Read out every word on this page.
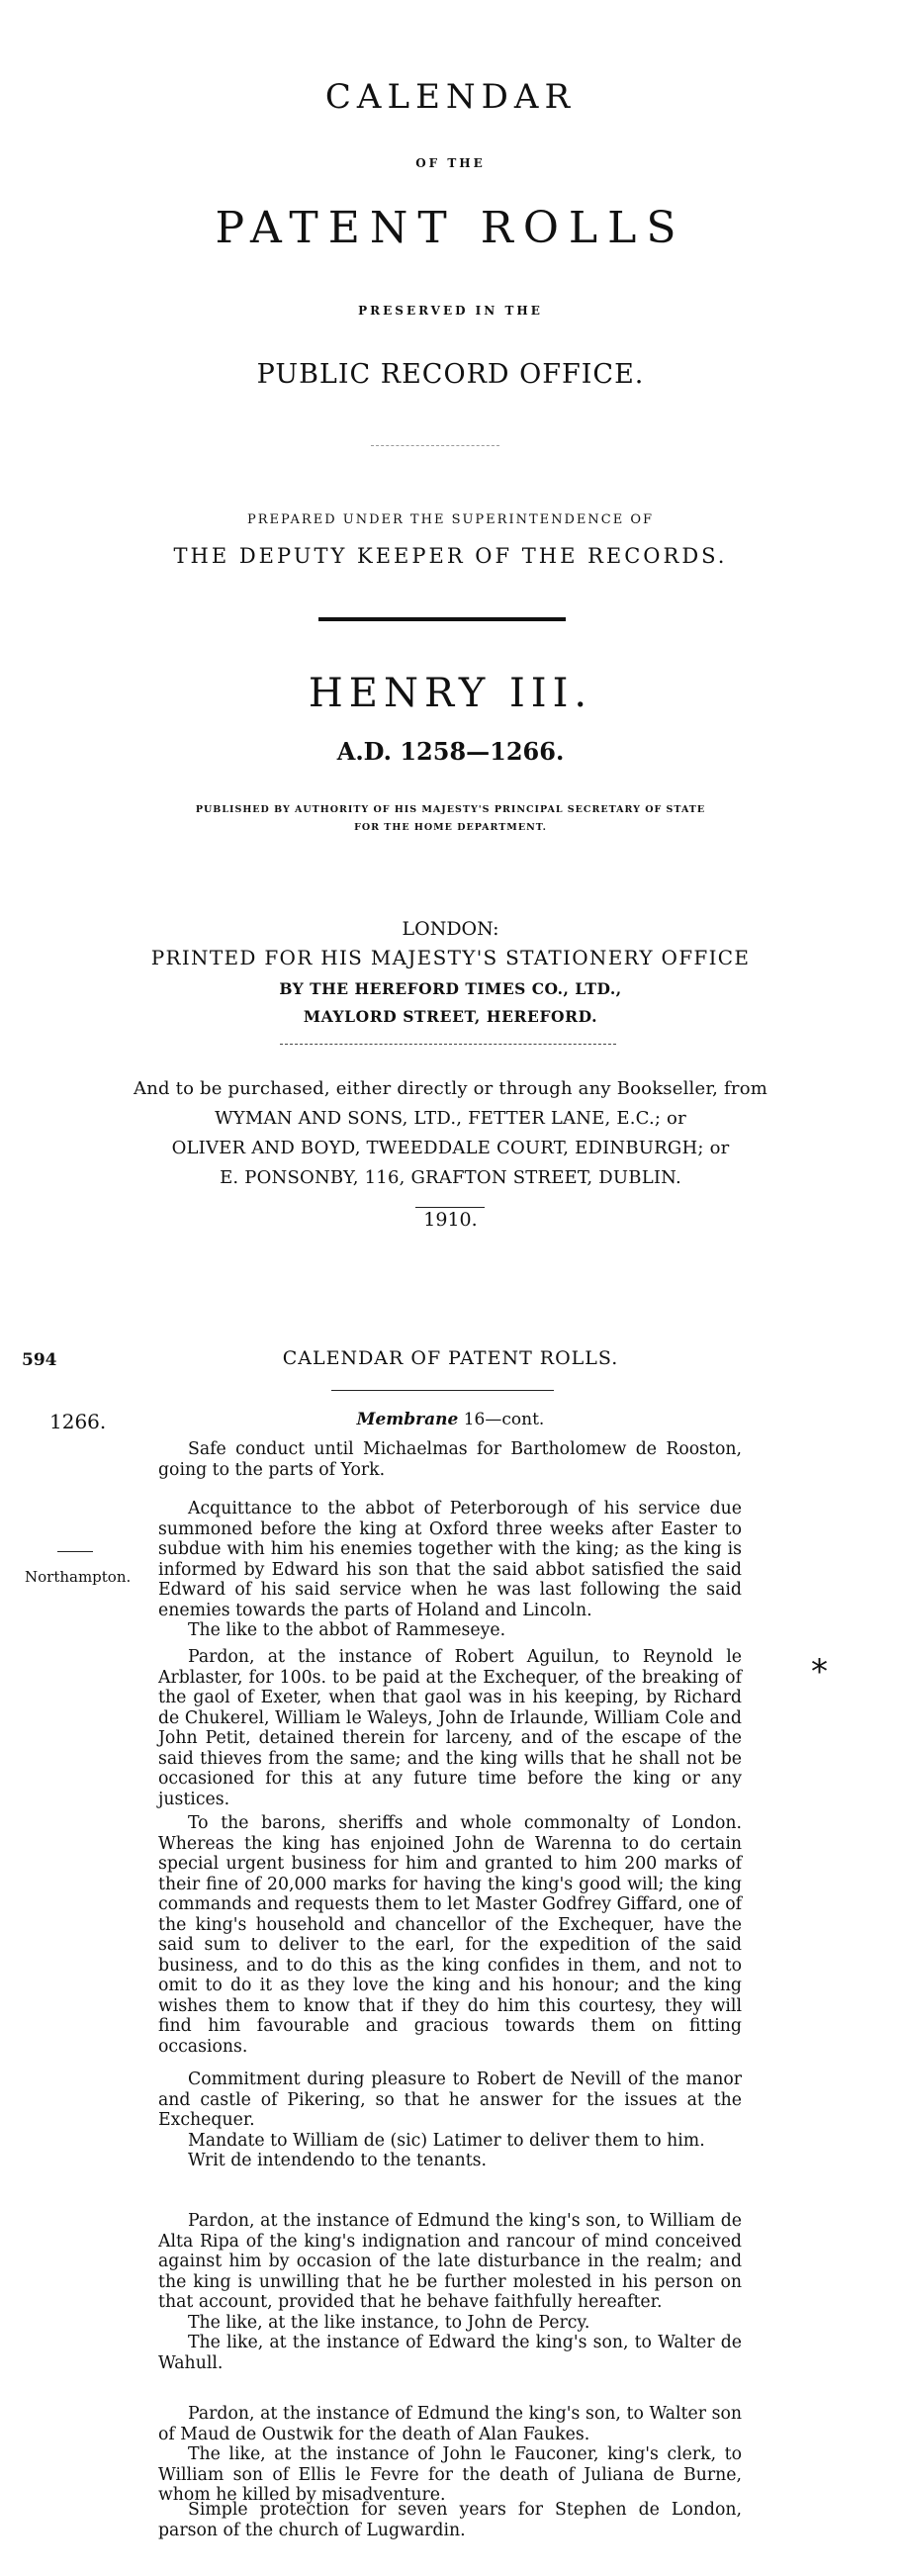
CALENDAR
OF THE
PATENT ROLLS
PRESERVED IN THE
PUBLIC RECORD OFFICE.
PREPARED UNDER THE SUPERINTENDENCE OF
THE DEPUTY KEEPER OF THE RECORDS.
HENRY III.
A.D. 1258—1266.
PUBLISHED BY AUTHORITY OF HIS MAJESTY'S PRINCIPAL SECRETARY OF STATE
FOR THE HOME DEPARTMENT.
LONDON:
PRINTED FOR HIS MAJESTY'S STATIONERY OFFICE
BY THE HEREFORD TIMES CO., LTD.,
MAYLORD STREET, HEREFORD.
And to be purchased, either directly or through any Bookseller, from
WYMAN AND SONS, LTD., FETTER LANE, E.C.; or
OLIVER AND BOYD, TWEEDDALE COURT, EDINBURGH; or
E. PONSONBY, 116, GRAFTON STREET, DUBLIN.
1910.
594	CALENDAR OF PATENT ROLLS.
1266.	Membrane 16—cont.
*
Northampton.

Safe conduct until Michaelmas for Bartholomew de Rooston, going to the parts of York.

Acquittance to the abbot of Peterborough of his service due summoned before the king at Oxford three weeks after Easter to subdue with him his enemies together with the king; as the king is informed by Edward his son that the said abbot satisfied the said Edward of his said service when he was last following the said enemies towards the parts of Holand and Lincoln.

The like to the abbot of Rammeseye.

Pardon, at the instance of Robert Aguilun, to Reynold le Arblaster, for 100s. to be paid at the Exchequer, of the breaking of the gaol of Exeter, when that gaol was in his keeping, by Richard de Chukerel, William le Waleys, John de Irlaunde, William Cole and John Petit, detained therein for larceny, and of the escape of the said thieves from the same; and the king wills that he shall not be occasioned for this at any future time before the king or any justices.

To the barons, sheriffs and whole commonalty of London. Whereas the king has enjoined John de Warenna to do certain special urgent business for him and granted to him 200 marks of their fine of 20,000 marks for having the king's good will; the king commands and requests them to let Master Godfrey Giffard, one of the king's household and chancellor of the Exchequer, have the said sum to deliver to the earl, for the expedition of the said business, and to do this as the king confides in them, and not to omit to do it as they love the king and his honour; and the king wishes them to know that if they do him this courtesy, they will find him favourable and gracious towards them on fitting occasions.

Commitment during pleasure to Robert de Nevill of the manor and castle of Pikering, so that he answer for the issues at the Exchequer.

Mandate to William de (sic) Latimer to deliver them to him.

Writ de intendendo to the tenants.

Pardon, at the instance of Edmund the king's son, to William de Alta Ripa of the king's indignation and rancour of mind conceived against him by occasion of the late disturbance in the realm; and the king is unwilling that he be further molested in his person on that account, provided that he behave faithfully hereafter.

The like, at the like instance, to John de Percy.

The like, at the instance of Edward the king's son, to Walter de Wahull.

Pardon, at the instance of Edmund the king's son, to Walter son of Maud de Oustwik for the death of Alan Faukes.

The like, at the instance of John le Fauconer, king's clerk, to William son of Ellis le Fevre for the death of Juliana de Burne, whom he killed by misadventure.

Simple protection for seven years for Stephen de London, parson of the church of Lugwardin.
